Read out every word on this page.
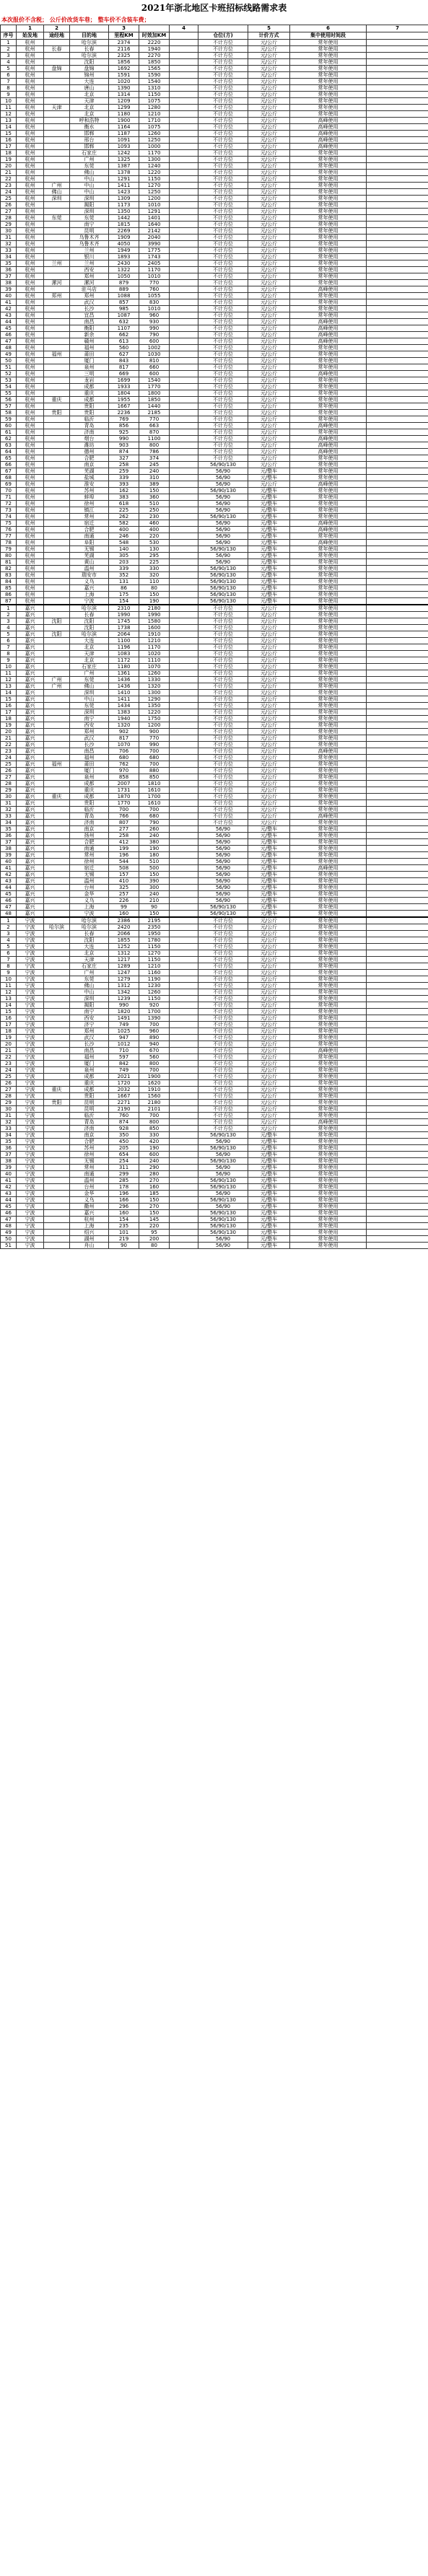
2021年浙北地区卡班招标线路需求表
本次报价不含税； 公斤价改货车巷； 整车价不含装车费；
	1	2		3		4		5	6	7
序号	始发地	途经地	目的地	里程KM	时效加KM		仓位(方)	计价方式	集中使用时间段	
1	杭州		哈尔滨	2374	2220		不计方位	元/公斤	常年使用	
2	杭州	长春	长春	2116	1940		不计方位	元/公斤	常年使用	
3	杭州		哈尔滨	2325	2270		不计方位	元/公斤	常年使用	
4	杭州		沈阳	1856	1850		不计方位	元/公斤	常年使用	
5	杭州	盘锦	盘锦	1692	1565		不计方位	元/公斤	常年使用	
6	杭州		锦州	1591	1590		不计方位	元/公斤	常年使用	
7	杭州		大连	1020	1540		不计方位	元/公斤	常年使用	
8	杭州		唐山	1390	1310		不计方位	元/公斤	常年使用	
9	杭州		北京	1314	1150		不计方位	元/公斤	常年使用	
10	杭州		天津	1209	1075		不计方位	元/公斤	常年使用	
11	杭州	天津	北京	1299	1280		不计方位	元/公斤	常年使用	
12	杭州		北京	1180	1210		不计方位	元/公斤	常年使用	
13	杭州		呼和浩特	1900	1710		不计方位	元/公斤	高峰使用	
14	杭州		衡水	1164	1075		不计方位	元/公斤	高峰使用	
15	杭州		邯郸	1187	1260		不计方位	元/公斤	高峰使用	
16	杭州		邢台	1091	1250		不计方位	元/公斤	高峰使用	
17	杭州		邯郸	1093	1000		不计方位	元/公斤	高峰使用	
18	杭州		石家庄	1242	1170		不计方位	元/公斤	常年使用	
19	杭州		广州	1325	1300		不计方位	元/公斤	常年使用	
20	杭州		东莞	1387	1240		不计方位	元/公斤	常年使用	
21	杭州		佛山	1378	1220		不计方位	元/公斤	常年使用	
22	杭州		中山	1291	1150		不计方位	元/公斤	常年使用	
23	杭州	广州	中山	1411	1270		不计方位	元/公斤	常年使用	
24	杭州	佛山	中山	1423	1250		不计方位	元/公斤	常年使用	
25	杭州	深圳	深圳	1309	1200		不计方位	元/公斤	常年使用	
26	杭州		揭阳	1173	1010		不计方位	元/公斤	常年使用	
27	杭州		深圳	1350	1291		不计方位	元/公斤	常年使用	
28	杭州	东莞	东莞	1442	1401		不计方位	元/公斤	常年使用	
29	杭州		南宁	1815	1640		不计方位	元/公斤	常年使用	
30	杭州		昆明	2269	2142		不计方位	元/公斤	常年使用	
31	杭州		乌鲁木齐	1909	2040		不计方位	元/公斤	常年使用	
32	杭州		乌鲁木齐	4050	3990		不计方位	元/公斤	常年使用	
33	杭州		兰州	1949	1775		不计方位	元/公斤	常年使用	
34	杭州		银川	1893	1743		不计方位	元/公斤	常年使用	
35	杭州	兰州	兰州	2430	2405		不计方位	元/公斤	常年使用	
36	杭州		西安	1322	1170		不计方位	元/公斤	常年使用	
37	杭州		郑州	1050	1010		不计方位	元/公斤	常年使用	
38	杭州	漯河	漯河	879	770		不计方位	元/公斤	常年使用	
39	杭州		驻马店	889	760		不计方位	元/公斤	高峰使用	
40	杭州	郑州	郑州	1088	1055		不计方位	元/公斤	常年使用	
41	杭州		武汉	857	830		不计方位	元/公斤	常年使用	
42	杭州		长沙	985	1010		不计方位	元/公斤	常年使用	
43	杭州		宜昌	1087	960		不计方位	元/公斤	常年使用	
44	杭州		南昌	632	930		不计方位	元/公斤	高峰使用	
45	杭州		衡阳	1107	990		不计方位	元/公斤	高峰使用	
46	杭州		新余	662	790		不计方位	元/公斤	高峰使用	
47	杭州		赣州	613	600		不计方位	元/公斤	高峰使用	
48	杭州		福州	560	1002		不计方位	元/公斤	常年使用	
49	杭州	福州	莆田	627	1030		不计方位	元/公斤	常年使用	
50	杭州		厦门	843	810		不计方位	元/公斤	常年使用	
51	杭州		泉州	817	660		不计方位	元/公斤	常年使用	
52	杭州		三明	669	600		不计方位	元/公斤	高峰使用	
53	杭州		龙岩	1699	1540		不计方位	元/公斤	常年使用	
54	杭州		成都	1933	1770		不计方位	元/公斤	常年使用	
55	杭州		重庆	1804	1800		不计方位	元/公斤	常年使用	
56	杭州	重庆	成都	1955	1850		不计方位	元/公斤	常年使用	
57	杭州		贵阳	1667	1440		不计方位	元/公斤	常年使用	
58	杭州	贵阳	贵阳	2236	2185		不计方位	元/公斤	常年使用	
59	杭州		临沂	769	770		不计方位	元/公斤	常年使用	
60	杭州		青岛	856	663		不计方位	元/公斤	高峰使用	
61	杭州		济南	925	870		不计方位	元/公斤	常年使用	
62	杭州		烟台	990	1100		不计方位	元/公斤	高峰使用	
63	杭州		潍坊	903	800		不计方位	元/公斤	高峰使用	
64	杭州		德州	874	786		不计方位	元/公斤	高峰使用	
65	杭州		合肥	327	374		不计方位	元/公斤	常年使用	
66	杭州		南京	258	245		56/90/130	元/公斤	常年使用	
67	杭州		芜湖	259	240		56/90	元/整车	常年使用	
68	杭州		盐城	339	310		56/90	元/整车	常年使用	
69	杭州		淮安	393	389		56/90	元/公斤	高峰使用	
70	杭州		苏州	162	150		56/90/130	元/整车	常年使用	
71	杭州		蚌埠	383	360		56/90	元/整车	常年使用	
72	杭州		徐州	618	510		56/90	元/整车	常年使用	
73	杭州		镇江	225	250		56/90	元/整车	常年使用	
74	杭州		常州	262	230		56/90/130	元/整车	常年使用	
75	杭州		宿迁	582	460		56/90	元/整车	高峰使用	
76	杭州		合肥	400	400		56/90	元/整车	高峰使用	
77	杭州		南通	246	220		56/90	元/整车	常年使用	
78	杭州		阜阳	548	530		56/90	元/整车	高峰使用	
79	杭州		无锡	140	130		56/90/130	元/整车	常年使用	
80	杭州		芜湖	305	295		56/90	元/整车	常年使用	
81	杭州		黄山	203	225		56/90	元/整车	常年使用	
82	杭州		温州	339	330		56/90/130	元/整车	常年使用	
83	杭州		瑞安市	352	320		56/90/130	元/整车	常年使用	
84	杭州		义乌	131	110		56/90/130	元/整车	常年使用	
85	杭州		嘉兴	86	80		56/90/130	元/整车	常年使用	
86	杭州		上海	175	150		56/90/130	元/整车	常年使用	
87	杭州		宁波	154	190		56/90/130	元/整车	常年使用	
1	嘉兴		哈尔滨	2310	2180		不计方位	元/公斤	常年使用	
2	嘉兴		长春	1990	1990		不计方位	元/公斤	常年使用	
3	嘉兴	沈阳	沈阳	1745	1580		不计方位	元/公斤	常年使用	
4	嘉兴		沈阳	1738	1600		不计方位	元/公斤	常年使用	
5	嘉兴	沈阳	哈尔滨	2064	1910		不计方位	元/公斤	常年使用	
6	嘉兴		大连	1100	1210		不计方位	元/公斤	常年使用	
7	嘉兴		北京	1196	1170		不计方位	元/公斤	常年使用	
8	嘉兴		天津	1083	1020		不计方位	元/公斤	常年使用	
9	嘉兴		北京	1172	1110		不计方位	元/公斤	常年使用	
10	嘉兴		石家庄	1180	1070		不计方位	元/公斤	常年使用	
11	嘉兴		广州	1361	1260		不计方位	元/公斤	常年使用	
12	嘉兴	广州	东莞	1436	1330		不计方位	元/公斤	常年使用	
13	嘉兴	广州	佛山	1436	1320		不计方位	元/公斤	常年使用	
14	嘉兴		深圳	1410	1300		不计方位	元/公斤	常年使用	
15	嘉兴		中山	1411	1290		不计方位	元/公斤	常年使用	
16	嘉兴		东莞	1434	1350		不计方位	元/公斤	常年使用	
17	嘉兴		深圳	1383	1220		不计方位	元/公斤	常年使用	
18	嘉兴		南宁	1940	1750		不计方位	元/公斤	常年使用	
19	嘉兴		西安	1320	1200		不计方位	元/公斤	常年使用	
20	嘉兴		郑州	902	900		不计方位	元/公斤	常年使用	
21	嘉兴		武汉	817	770		不计方位	元/公斤	常年使用	
22	嘉兴		长沙	1070	990		不计方位	元/公斤	常年使用	
23	嘉兴		南昌	706	700		不计方位	元/公斤	高峰使用	
24	嘉兴		福州	680	680		不计方位	元/公斤	常年使用	
25	嘉兴	福州	莆田	762	700		不计方位	元/公斤	常年使用	
26	嘉兴		厦门	970	880		不计方位	元/公斤	常年使用	
27	嘉兴		泉州	858	850		不计方位	元/公斤	常年使用	
28	嘉兴		成都	2007	1810		不计方位	元/公斤	常年使用	
29	嘉兴		重庆	1731	1610		不计方位	元/公斤	常年使用	
30	嘉兴	重庆	成都	1870	1700		不计方位	元/公斤	常年使用	
31	嘉兴		贵阳	1770	1610		不计方位	元/公斤	常年使用	
32	嘉兴		临沂	700	700		不计方位	元/公斤	常年使用	
33	嘉兴		青岛	766	680		不计方位	元/公斤	高峰使用	
34	嘉兴		济南	807	790		不计方位	元/公斤	常年使用	
35	嘉兴		南京	277	260		56/90	元/整车	常年使用	
36	嘉兴		扬州	258	240		56/90	元/整车	常年使用	
37	嘉兴		合肥	412	380		56/90	元/整车	常年使用	
38	嘉兴		南通	199	190		56/90	元/整车	常年使用	
39	嘉兴		常州	196	180		56/90	元/整车	常年使用	
40	嘉兴		徐州	544	510		56/90	元/整车	常年使用	
41	嘉兴		宿迁	508	500		56/90	元/整车	高峰使用	
42	嘉兴		无锡	157	150		56/90	元/整车	常年使用	
43	嘉兴		温州	410	390		56/90	元/整车	常年使用	
44	嘉兴		台州	325	300		56/90	元/整车	常年使用	
45	嘉兴		金华	257	240		56/90	元/整车	常年使用	
46	嘉兴		义乌	226	210		56/90	元/整车	常年使用	
47	嘉兴		上海	99	90		56/90/130	元/整车	常年使用	
48	嘉兴		宁波	160	150		56/90/130	元/整车	常年使用	
1	宁波		哈尔滨	2386	2195		不计方位	元/公斤	常年使用	
2	宁波	哈尔滨	哈尔滨	2420	2350		不计方位	元/公斤	常年使用	
3	宁波		长春	2066	1950		不计方位	元/公斤	常年使用	
4	宁波		沈阳	1855	1780		不计方位	元/公斤	常年使用	
5	宁波		大连	1252	1150		不计方位	元/公斤	常年使用	
6	宁波		北京	1312	1270		不计方位	元/公斤	常年使用	
7	宁波		天津	1217	1150		不计方位	元/公斤	常年使用	
8	宁波		石家庄	1289	1210		不计方位	元/公斤	常年使用	
9	宁波		广州	1247	1160		不计方位	元/公斤	常年使用	
10	宁波		东莞	1279	1190		不计方位	元/公斤	常年使用	
11	宁波		佛山	1312	1230		不计方位	元/公斤	常年使用	
12	宁波		中山	1342	1260		不计方位	元/公斤	常年使用	
13	宁波		深圳	1239	1150		不计方位	元/公斤	常年使用	
14	宁波		揭阳	990	920		不计方位	元/公斤	常年使用	
15	宁波		南宁	1820	1700		不计方位	元/公斤	常年使用	
16	宁波		西安	1491	1390		不计方位	元/公斤	常年使用	
17	宁波		济宁	749	700		不计方位	元/公斤	常年使用	
18	宁波		郑州	1025	960		不计方位	元/公斤	常年使用	
19	宁波		武汉	947	890		不计方位	元/公斤	常年使用	
20	宁波		长沙	1012	940		不计方位	元/公斤	常年使用	
21	宁波		南昌	710	670		不计方位	元/公斤	高峰使用	
22	宁波		福州	597	560		不计方位	元/公斤	常年使用	
23	宁波		厦门	842	800		不计方位	元/公斤	常年使用	
24	宁波		泉州	749	700		不计方位	元/公斤	常年使用	
25	宁波		成都	2021	1900		不计方位	元/公斤	常年使用	
26	宁波		重庆	1720	1620		不计方位	元/公斤	常年使用	
27	宁波	重庆	成都	2032	1910		不计方位	元/公斤	常年使用	
28	宁波		贵阳	1667	1560		不计方位	元/公斤	常年使用	
29	宁波	贵阳	昆明	2271	2180		不计方位	元/公斤	常年使用	
30	宁波		昆明	2190	2101		不计方位	元/公斤	常年使用	
31	宁波		临沂	760	700		不计方位	元/公斤	常年使用	
32	宁波		青岛	874	800		不计方位	元/公斤	高峰使用	
33	宁波		济南	928	850		不计方位	元/公斤	常年使用	
34	宁波		南京	350	330		56/90/130	元/整车	常年使用	
35	宁波		合肥	450	420		56/90	元/整车	常年使用	
36	宁波		苏州	205	190		56/90/130	元/整车	常年使用	
37	宁波		徐州	654	600		56/90	元/整车	常年使用	
38	宁波		无锡	254	240		56/90/130	元/整车	常年使用	
39	宁波		常州	311	290		56/90	元/整车	常年使用	
40	宁波		南通	299	280		56/90	元/整车	常年使用	
41	宁波		温州	285	270		56/90/130	元/整车	常年使用	
42	宁波		台州	178	160		56/90/130	元/整车	常年使用	
43	宁波		金华	196	185		56/90	元/整车	常年使用	
44	宁波		义乌	166	150		56/90/130	元/整车	常年使用	
45	宁波		衢州	296	270		56/90	元/整车	常年使用	
46	宁波		嘉兴	160	150		56/90/130	元/整车	常年使用	
47	宁波		杭州	154	145		56/90/130	元/整车	常年使用	
48	宁波		上海	235	220		56/90/130	元/整车	常年使用	
49	宁波		绍兴	101	95		56/90/130	元/整车	常年使用	
50	宁波		湖州	219	200		56/90	元/整车	常年使用	
51	宁波		舟山	90	80		56/90	元/整车	常年使用	
